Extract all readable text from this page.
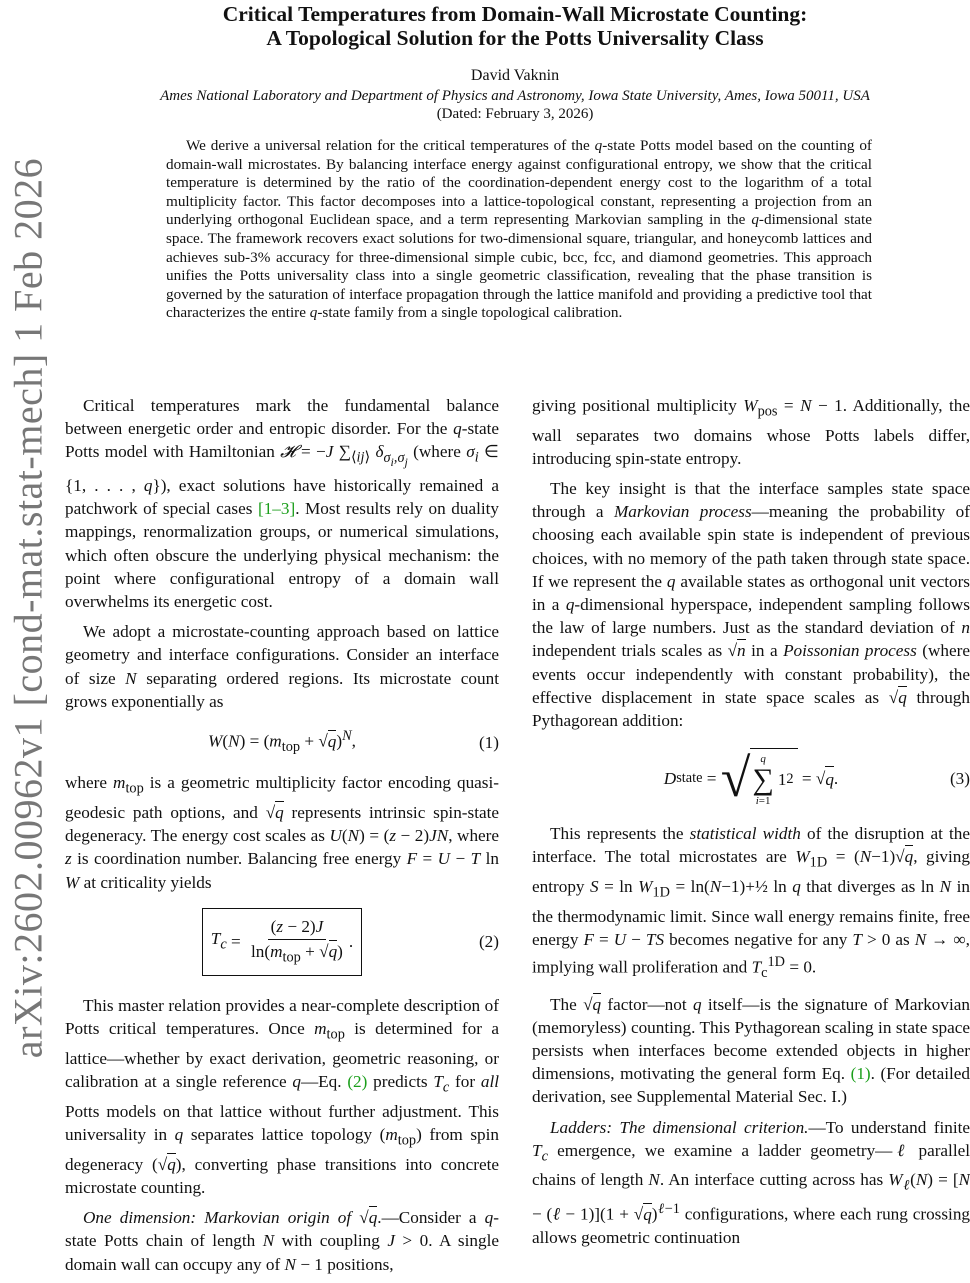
arXiv:2602.00962v1 [cond-mat.stat-mech] 1 Feb 2026
Critical Temperatures from Domain-Wall Microstate Counting:
A Topological Solution for the Potts Universality Class
David Vaknin
Ames National Laboratory and Department of Physics and Astronomy, Iowa State University, Ames, Iowa 50011, USA
(Dated: February 3, 2026)
We derive a universal relation for the critical temperatures of the q-state Potts model based on the counting of domain-wall microstates. By balancing interface energy against configurational entropy, we show that the critical temperature is determined by the ratio of the coordination-dependent energy cost to the logarithm of a total multiplicity factor. This factor decomposes into a lattice-topological constant, representing a projection from an underlying orthogonal Euclidean space, and a term representing Markovian sampling in the q-dimensional state space. The framework recovers exact solutions for two-dimensional square, triangular, and honeycomb lattices and achieves sub-3% accuracy for three-dimensional simple cubic, bcc, fcc, and diamond geometries. This approach unifies the Potts universality class into a single geometric classification, revealing that the phase transition is governed by the saturation of interface propagation through the lattice manifold and providing a predictive tool that characterizes the entire q-state family from a single topological calibration.

Critical temperatures mark the fundamental balance between energetic order and entropic disorder. For the q-state Potts model with Hamiltonian 𝓗 = −J $\sum_{⟨ij⟩}$ $\delta_{\sigma_i,\sigma_j}$ (where $\sigma_i$ ∈ {1, . . . , q}), exact solutions have historically remained a patchwork of special cases [1–3]. Most results rely on duality mappings, renormalization groups, or numerical simulations, which often obscure the underlying physical mechanism: the point where configurational entropy of a domain wall overwhelms its energetic cost.

We adopt a microstate-counting approach based on lattice geometry and interface configurations. Consider an interface of size N separating ordered regions. Its microstate count grows exponentially as

$W(N) = (m_{top} + √q)^N$,	(1)

where $m_{top}$ is a geometric multiplicity factor encoding quasi-geodesic path options, and √q represents intrinsic spin-state degeneracy. The energy cost scales as U(N) = (z − 2)JN, where z is coordination number. Balancing free energy F = U − T ln W at criticality yields

$T_c = \frac{(z - 2)J}{\ln(m_{top} + √q)}$ .	(2)

This master relation provides a near-complete description of Potts critical temperatures. Once $m_{top}$ is determined for a lattice—whether by exact derivation, geometric reasoning, or calibration at a single reference q—Eq. (2) predicts $T_c$ for all Potts models on that lattice without further adjustment. This universality in q separates lattice topology $(m_{top})$ from spin degeneracy (√q), converting phase transitions into concrete microstate counting.

One dimension: Markovian origin of √q.—Consider a q-state Potts chain of length N with coupling J > 0. A single domain wall can occupy any of N − 1 positions,

giving positional multiplicity $W_{pos} = N - 1$. Additionally, the wall separates two domains whose Potts labels differ, introducing spin-state entropy.

The key insight is that the interface samples state space through a Markovian process—meaning the probability of choosing each available spin state is independent of previous choices, with no memory of the path taken through state space. If we represent the q available states as orthogonal unit vectors in a q-dimensional hyperspace, independent sampling follows the law of large numbers. Just as the standard deviation of n independent trials scales as √n in a Poissonian process (where events occur independently with constant probability), the effective displacement in state space scales as √q through Pythagorean addition:

D state = √ q
∑
i=1
1 2 = √ q .	(3)

This represents the statistical width of the disruption at the interface. The total microstates are $W_{1D} = (N-1)√q$, giving entropy $S = \ln W_{1D}$ = ln(N−1)+½ ln q that diverges as ln N in the thermodynamic limit. Since wall energy remains finite, free energy F = U − TS becomes negative for any T > 0 as N → ∞, implying wall proliferation and $T_c^{1D} = 0$.

The √q factor—not q itself—is the signature of Markovian (memoryless) counting. This Pythagorean scaling in state space persists when interfaces become extended objects in higher dimensions, motivating the general form Eq. (1). (For detailed derivation, see Supplemental Material Sec. I.)

Ladders: The dimensional criterion.—To understand finite $T_c$ emergence, we examine a ladder geometry—ℓ parallel chains of length N. An interface cutting across has $W_\ell(N) = [N$ − (ℓ − $1)](1 + √q)^{\ell-1}$ configurations, where each rung crossing allows geometric continuation
